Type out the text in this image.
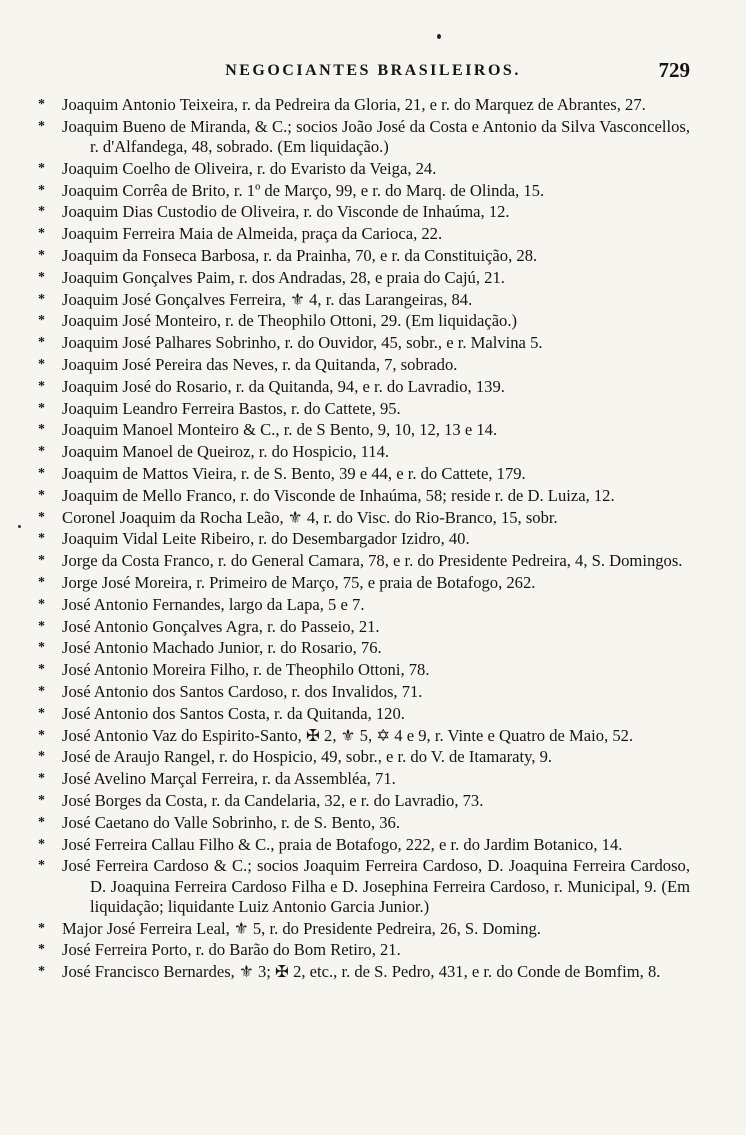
NEGOCIANTES BRASILEIROS.	729
* Joaquim Antonio Teixeira, r. da Pedreira da Gloria, 21, e r. do Marquez de Abrantes, 27.
* Joaquim Bueno de Miranda, & C.; socios João José da Costa e Antonio da Silva Vasconcellos, r. d'Alfandega, 48, sobrado. (Em liquidação.)
* Joaquim Coelho de Oliveira, r. do Evaristo da Veiga, 24.
* Joaquim Corrêa de Brito, r. 1º de Março, 99, e r. do Marq. de Olinda, 15.
* Joaquim Dias Custodio de Oliveira, r. do Visconde de Inhaúma, 12.
* Joaquim Ferreira Maia de Almeida, praça da Carioca, 22.
* Joaquim da Fonseca Barbosa, r. da Prainha, 70, e r. da Constituição, 28.
* Joaquim Gonçalves Paim, r. dos Andradas, 28, e praia do Cajú, 21.
* Joaquim José Gonçalves Ferreira, ⚜ 4, r. das Larangeiras, 84.
* Joaquim José Monteiro, r. de Theophilo Ottoni, 29. (Em liquidação.)
* Joaquim José Palhares Sobrinho, r. do Ouvidor, 45, sobr., e r. Malvina 5.
* Joaquim José Pereira das Neves, r. da Quitanda, 7, sobrado.
* Joaquim José do Rosario, r. da Quitanda, 94, e r. do Lavradio, 139.
* Joaquim Leandro Ferreira Bastos, r. do Cattete, 95.
* Joaquim Manoel Monteiro & C., r. de S Bento, 9, 10, 12, 13 e 14.
* Joaquim Manoel de Queiroz, r. do Hospicio, 114.
* Joaquim de Mattos Vieira, r. de S. Bento, 39 e 44, e r. do Cattete, 179.
* Joaquim de Mello Franco, r. do Visconde de Inhaúma, 58; reside r. de D. Luiza, 12.
* Coronel Joaquim da Rocha Leão, ⚜ 4, r. do Visc. do Rio-Branco, 15, sobr.
* Joaquim Vidal Leite Ribeiro, r. do Desembargador Izidro, 40.
* Jorge da Costa Franco, r. do General Camara, 78, e r. do Presidente Pedreira, 4, S. Domingos.
* Jorge José Moreira, r. Primeiro de Março, 75, e praia de Botafogo, 262.
* José Antonio Fernandes, largo da Lapa, 5 e 7.
* José Antonio Gonçalves Agra, r. do Passeio, 21.
* José Antonio Machado Junior, r. do Rosario, 76.
* José Antonio Moreira Filho, r. de Theophilo Ottoni, 78.
* José Antonio dos Santos Cardoso, r. dos Invalidos, 71.
* José Antonio dos Santos Costa, r. da Quitanda, 120.
* José Antonio Vaz do Espirito-Santo, ✠ 2, ⚜ 5, ✡ 4 e 9, r. Vinte e Quatro de Maio, 52.
* José de Araujo Rangel, r. do Hospicio, 49, sobr., e r. do V. de Itamaraty, 9.
* José Avelino Marçal Ferreira, r. da Assembléa, 71.
* José Borges da Costa, r. da Candelaria, 32, e r. do Lavradio, 73.
* José Caetano do Valle Sobrinho, r. de S. Bento, 36.
* José Ferreira Callau Filho & C., praia de Botafogo, 222, e r. do Jardim Botanico, 14.
* José Ferreira Cardoso & C.; socios Joaquim Ferreira Cardoso, D. Joaquina Ferreira Cardoso, D. Joaquina Ferreira Cardoso Filha e D. Josephina Ferreira Cardoso, r. Municipal, 9. (Em liquidação; liquidante Luiz Antonio Garcia Junior.)
* Major José Ferreira Leal, ⚜ 5, r. do Presidente Pedreira, 26, S. Doming.
* José Ferreira Porto, r. do Barão do Bom Retiro, 21.
* José Francisco Bernardes, ⚜ 3; ✠ 2, etc., r. de S. Pedro, 431, e r. do Conde de Bomfim, 8.
